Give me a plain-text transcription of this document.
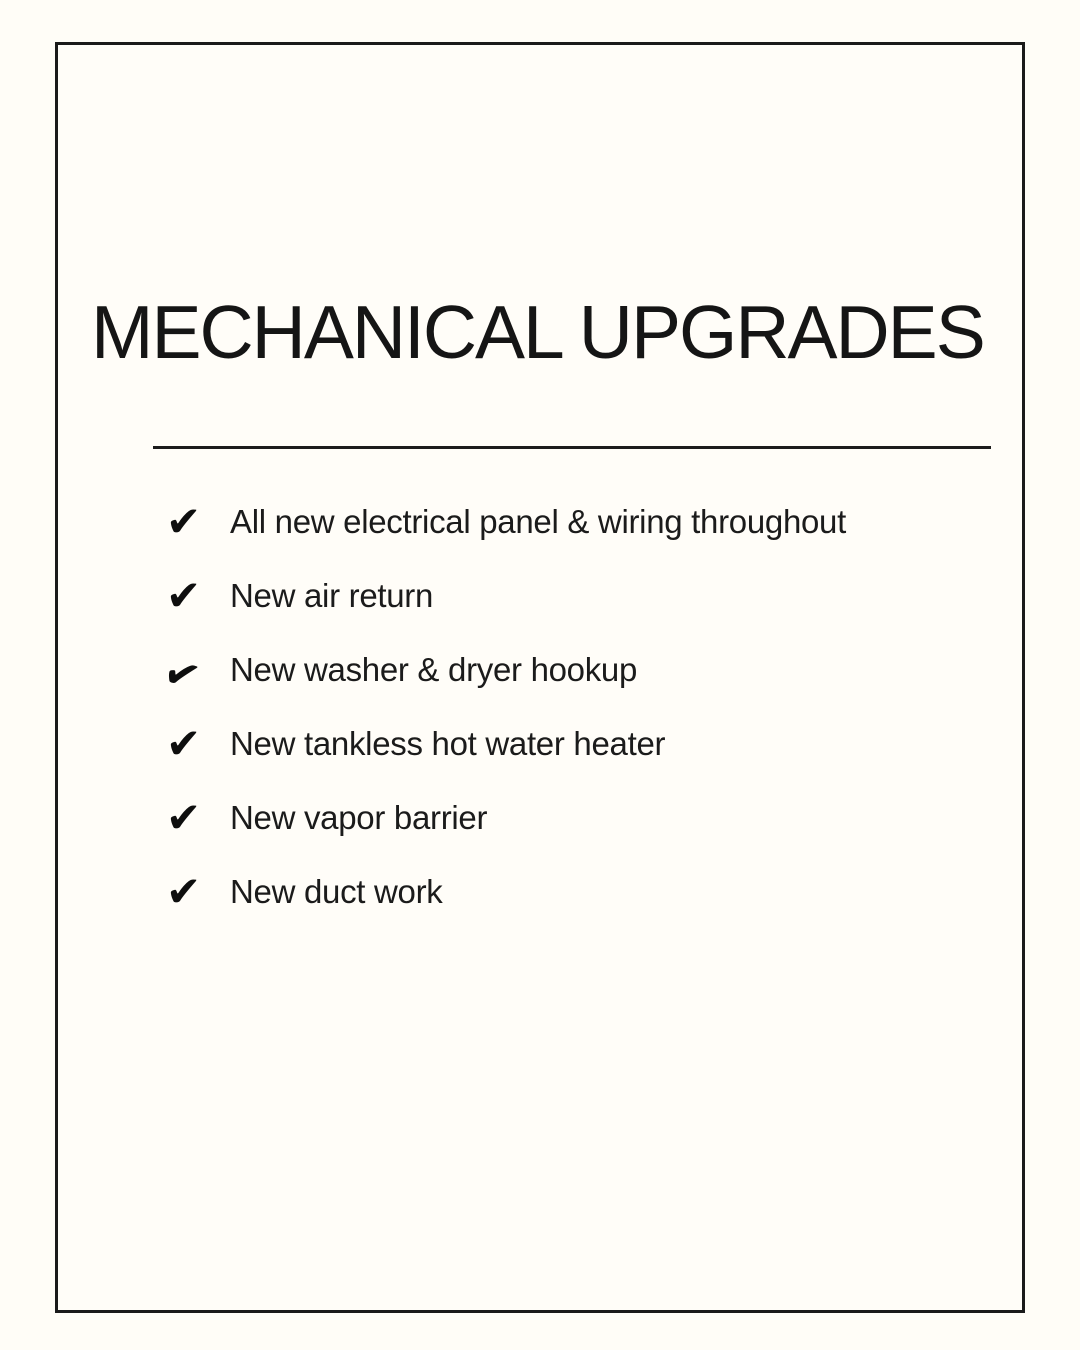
MECHANICAL UPGRADES
✔ All new electrical panel & wiring throughout
✔ New air return
✔ New washer & dryer hookup
✔ New tankless hot water heater
✔ New vapor barrier
✔ New duct work
